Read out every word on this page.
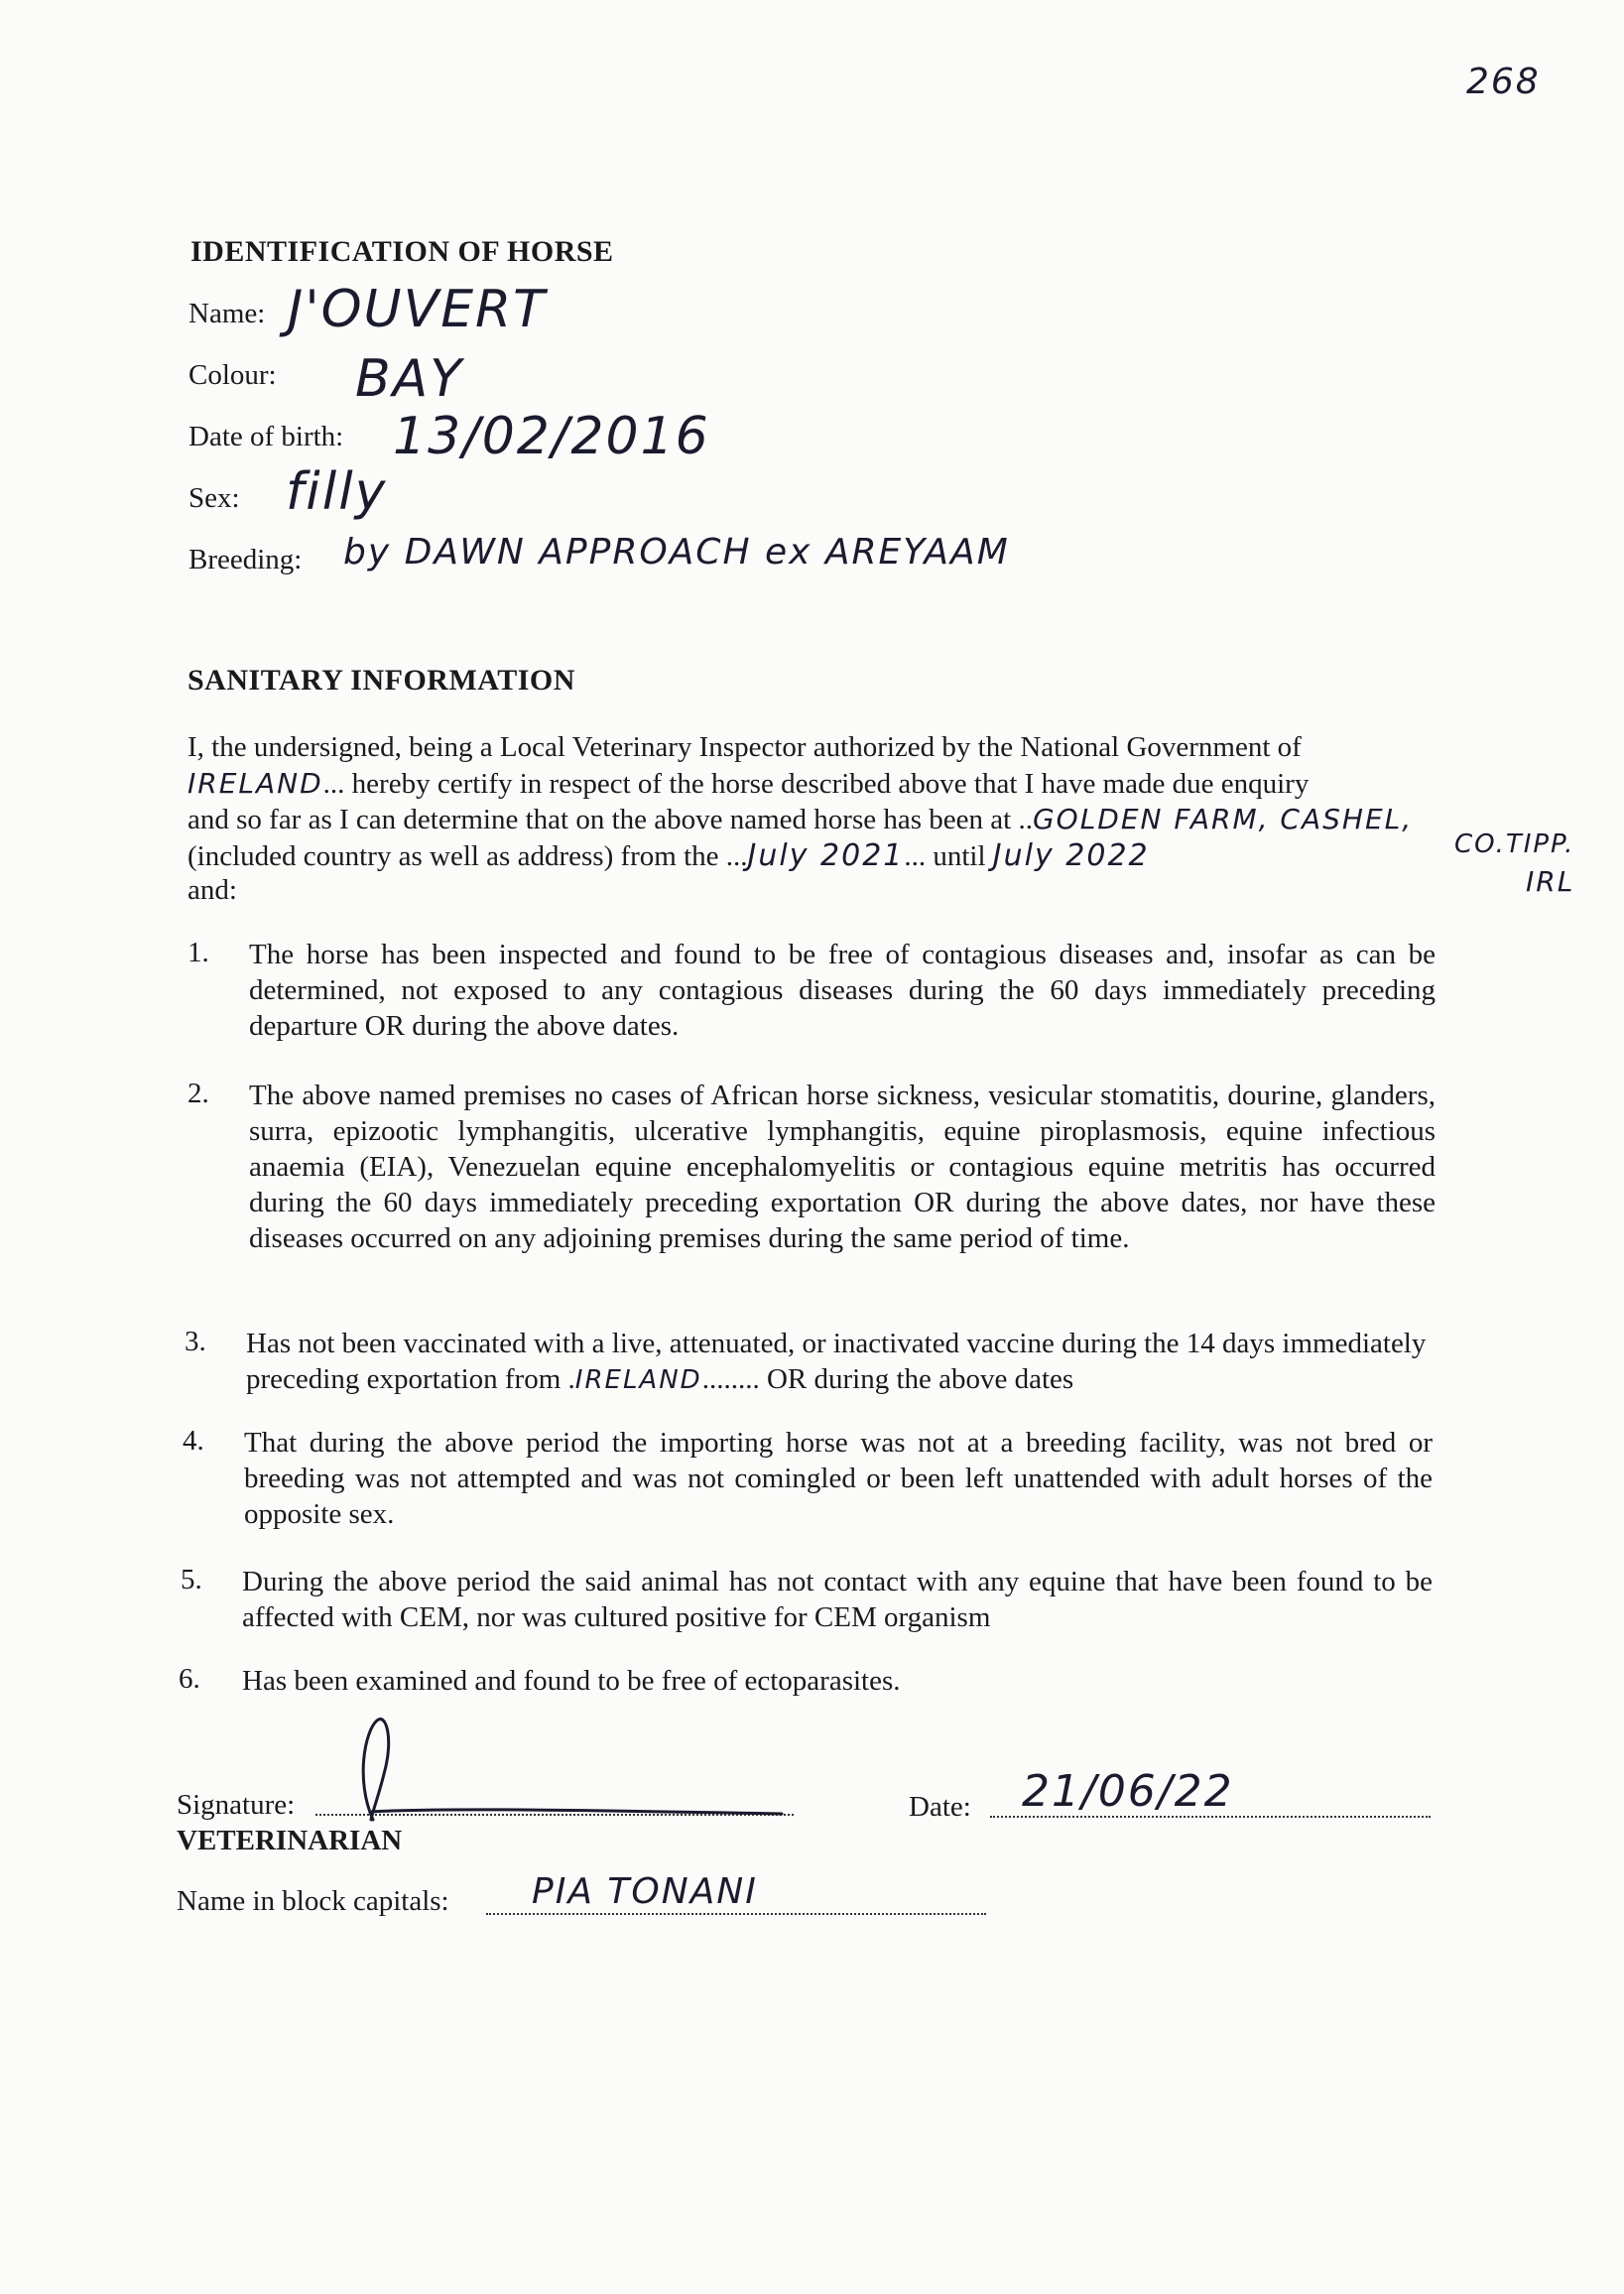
268
IDENTIFICATION OF HORSE
Name: J'OUVERT
Colour: BAY
Date of birth: 13/02/2016
Sex: filly
Breeding: by DAWN APPROACH ex AREYAAM
SANITARY INFORMATION
I, the undersigned, being a Local Veterinary Inspector authorized by the National Government of
IRELAND... hereby certify in respect of the horse described above that I have made due enquiry
and so far as I can determine that on the above named horse has been at ..GOLDEN FARM, CASHEL,
(included country as well as address) from the ...July 2021... until July 2022	CO.TIPP.
IRL
and:
1. The horse has been inspected and found to be free of contagious diseases and, insofar as can be determined, not exposed to any contagious diseases during the 60 days immediately preceding departure OR during the above dates.
2. The above named premises no cases of African horse sickness, vesicular stomatitis, dourine, glanders, surra, epizootic lymphangitis, ulcerative lymphangitis, equine piroplasmosis, equine infectious anaemia (EIA), Venezuelan equine encephalomyelitis or contagious equine metritis has occurred during the 60 days immediately preceding exportation OR during the above dates, nor have these diseases occurred on any adjoining premises during the same period of time.
3. Has not been vaccinated with a live, attenuated, or inactivated vaccine during the 14 days immediately preceding exportation from .IRELAND........ OR during the above dates
4. That during the above period the importing horse was not at a breeding facility, was not bred or breeding was not attempted and was not comingled or been left unattended with adult horses of the opposite sex.
5. During the above period the said animal has not contact with any equine that have been found to be affected with CEM, nor was cultured positive for CEM organism
6. Has been examined and found to be free of ectoparasites.
Signature:
VETERINARIAN
Date: 21/06/22
Name in block capitals: PIA TONANI
